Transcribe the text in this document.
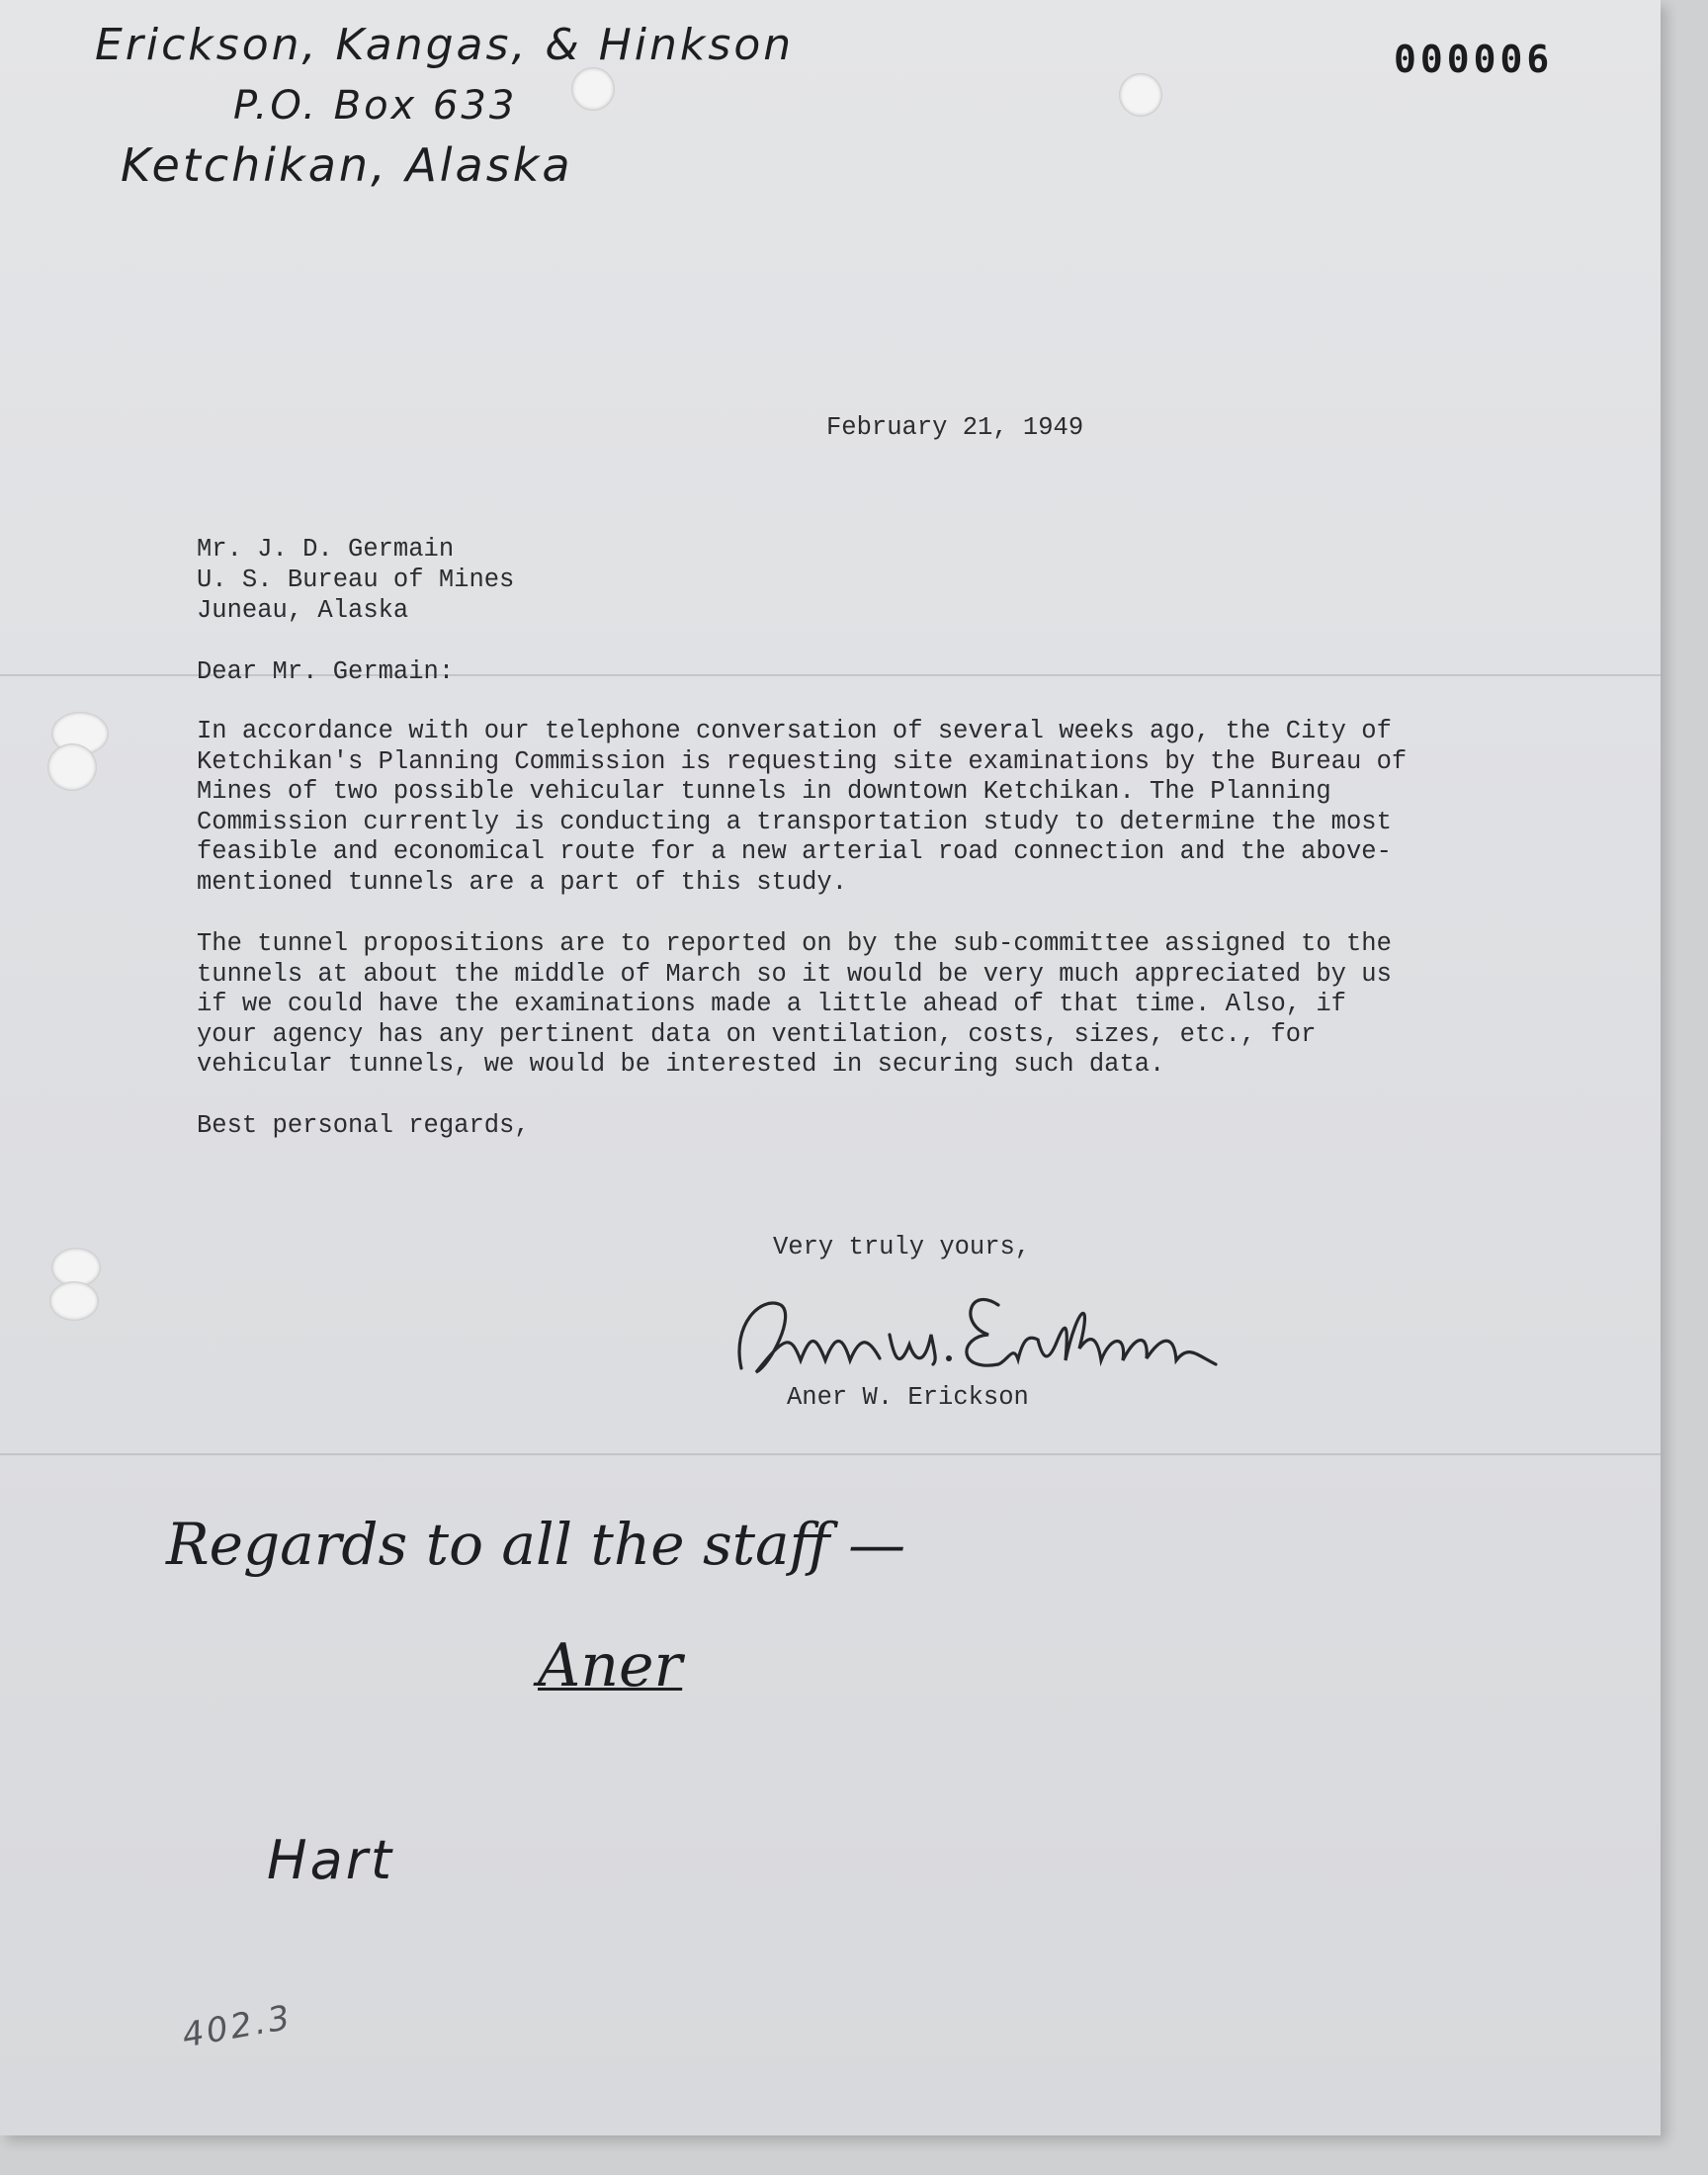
Erickson, Kangas, & Hinkson
P.O. Box 633
Ketchikan, Alaska
000006
February 21, 1949
Mr. J. D. Germain
U. S. Bureau of Mines
Juneau, Alaska
Dear Mr. Germain:
In accordance with our telephone conversation of several weeks ago, the City of
Ketchikan's Planning Commission is requesting site examinations by the Bureau of
Mines of two possible vehicular tunnels in downtown Ketchikan. The Planning
Commission currently is conducting a transportation study to determine the most
feasible and economical route for a new arterial road connection and the above-
mentioned tunnels are a part of this study.
The tunnel propositions are to reported on by the sub-committee assigned to the
tunnels at about the middle of March so it would be very much appreciated by us
if we could have the examinations made a little ahead of that time. Also, if
your agency has any pertinent data on ventilation, costs, sizes, etc., for
vehicular tunnels, we would be interested in securing such data.
Best personal regards,
Very truly yours,
Aner W. Erickson
Regards to all the staff —
Aner
Hart
402.3
